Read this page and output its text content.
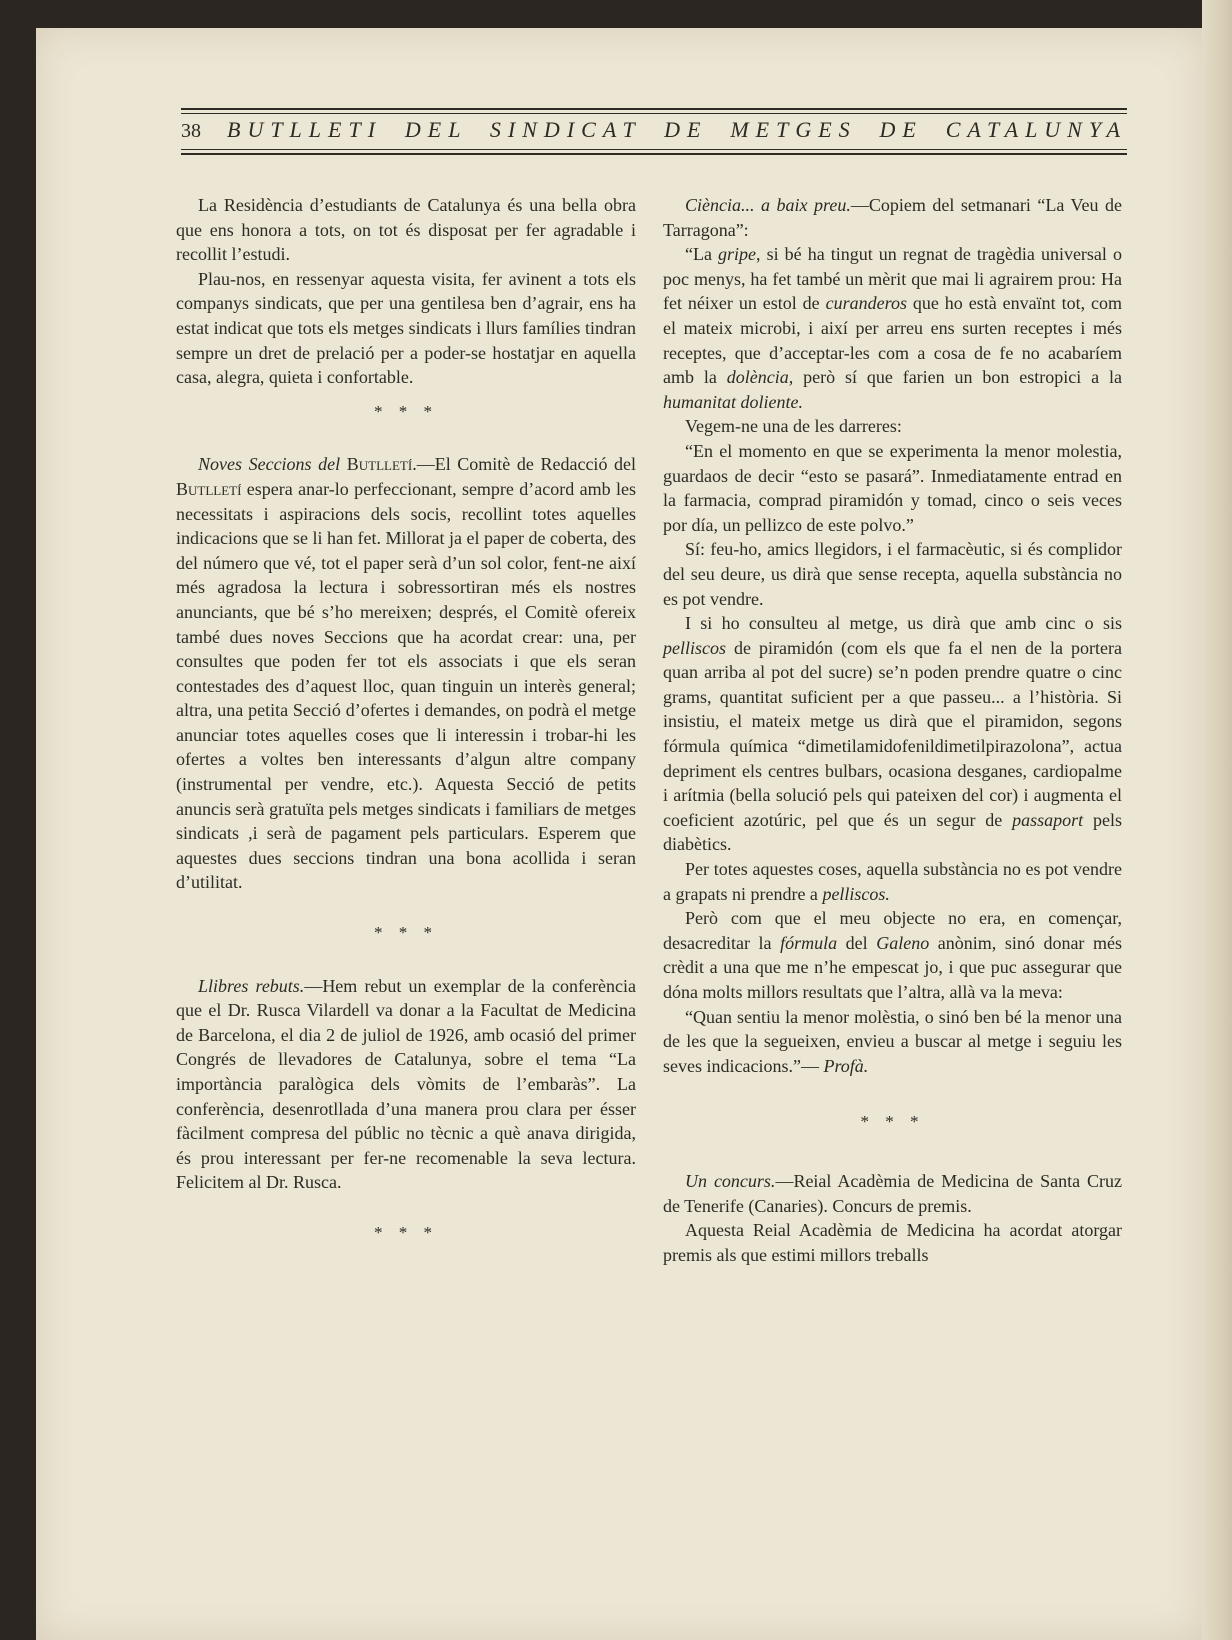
38	BUTLLETI DEL SINDICAT DE METGES DE CATALUNYA

La Residència d’estudiants de Catalunya és una bella obra que ens honora a tots, on tot és disposat per fer agradable i recollit l’estudi.

Plau-nos, en ressenyar aquesta visita, fer avinent a tots els companys sindicats, que per una gentilesa ben d’agrair, ens ha estat indicat que tots els metges sindicats i llurs famílies tindran sempre un dret de prelació per a poder-se hostatjar en aquella casa, alegra, quieta i confortable.

* * *

Noves Seccions del Butlletí.—El Comitè de Redacció del Butlletí espera anar-lo perfeccionant, sempre d’acord amb les necessitats i aspiracions dels socis, recollint totes aquelles indicacions que se li han fet. Millorat ja el paper de coberta, des del número que vé, tot el paper serà d’un sol color, fent-ne així més agradosa la lectura i sobressortiran més els nostres anunciants, que bé s’ho mereixen; després, el Comitè ofereix també dues noves Seccions que ha acordat crear: una, per consultes que poden fer tot els associats i que els seran contestades des d’aquest lloc, quan tinguin un interès general; altra, una petita Secció d’ofertes i demandes, on podrà el metge anunciar totes aquelles coses que li interessin i trobar-hi les ofertes a voltes ben interessants d’algun altre company (instrumental per vendre, etc.). Aquesta Secció de petits anuncis serà gratuïta pels metges sindicats i familiars de metges sindicats ,i serà de pagament pels particulars. Esperem que aquestes dues seccions tindran una bona acollida i seran d’utilitat.

* * *

Llibres rebuts.—Hem rebut un exemplar de la conferència que el Dr. Rusca Vilardell va donar a la Facultat de Medicina de Barcelona, el dia 2 de juliol de 1926, amb ocasió del primer Congrés de llevadores de Catalunya, sobre el tema “La importància paralògica dels vòmits de l’embaràs”. La conferència, desenrotllada d’una manera prou clara per ésser fàcilment compresa del públic no tècnic a què anava dirigida, és prou interessant per fer-ne recomenable la seva lectura. Felicitem al Dr. Rusca.

* * *

Ciència... a baix preu.—Copiem del setmanari “La Veu de Tarragona”:

“La gripe, si bé ha tingut un regnat de tragèdia universal o poc menys, ha fet també un mèrit que mai li agrairem prou: Ha fet néixer un estol de curanderos que ho està envaïnt tot, com el mateix microbi, i així per arreu ens surten receptes i més receptes, que d’acceptar-les com a cosa de fe no acabaríem amb la dolència, però sí que farien un bon estropici a la humanitat doliente.

Vegem-ne una de les darreres:

“En el momento en que se experimenta la menor molestia, guardaos de decir “esto se pasará”. Inmediatamente entrad en la farmacia, comprad piramidón y tomad, cinco o seis veces por día, un pellizco de este polvo.”

Sí: feu-ho, amics llegidors, i el farmacèutic, si és complidor del seu deure, us dirà que sense recepta, aquella substància no es pot vendre.

I si ho consulteu al metge, us dirà que amb cinc o sis pelliscos de piramidón (com els que fa el nen de la portera quan arriba al pot del sucre) se’n poden prendre quatre o cinc grams, quantitat suficient per a que passeu... a l’història. Si insistiu, el mateix metge us dirà que el piramidon, segons fórmula química “dimetilamidofenildimetilpirazolona”, actua depriment els centres bulbars, ocasiona desganes, cardiopalme i arítmia (bella solució pels qui pateixen del cor) i augmenta el coeficient azotúric, pel que és un segur de passaport pels diabètics.

Per totes aquestes coses, aquella substància no es pot vendre a grapats ni prendre a pelliscos.

Però com que el meu objecte no era, en començar, desacreditar la fórmula del Galeno anònim, sinó donar més crèdit a una que me n’he empescat jo, i que puc assegurar que dóna molts millors resultats que l’altra, allà va la meva:

“Quan sentiu la menor molèstia, o sinó ben bé la menor una de les que la segueixen, envieu a buscar al metge i seguiu les seves indicacions.”— Profà.

* * *

Un concurs.—Reial Acadèmia de Medicina de Santa Cruz de Tenerife (Canaries). Concurs de premis.

Aquesta Reial Acadèmia de Medicina ha acordat atorgar premis als que estimi millors treballs
